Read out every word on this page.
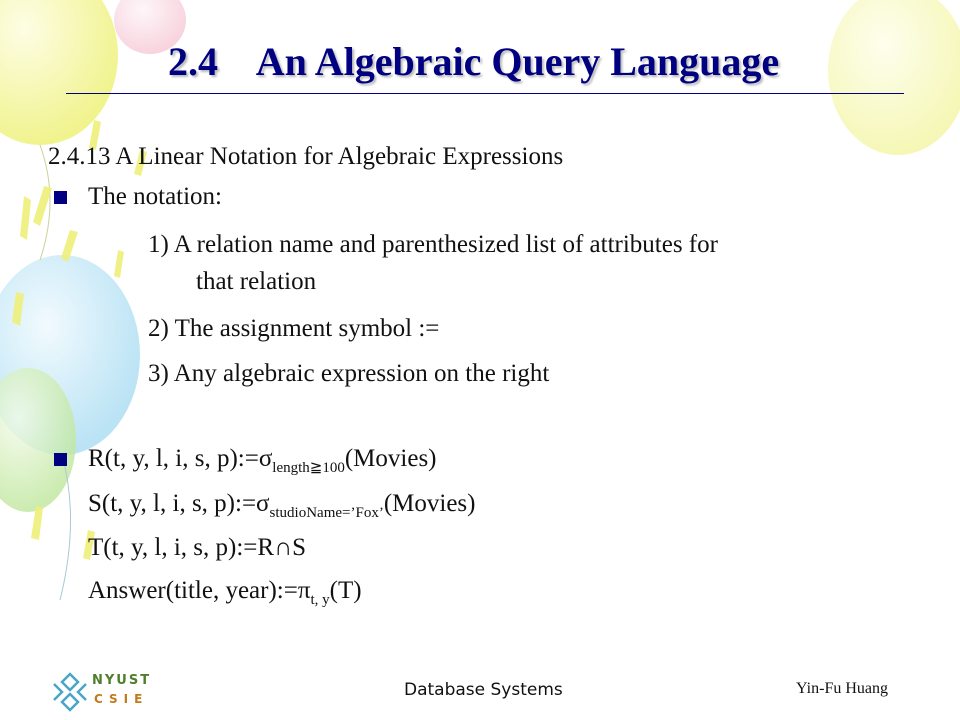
2.4    An Algebraic Query Language
2.4.13 A Linear Notation for Algebraic Expressions
The notation:
1) A relation name and parenthesized list of attributes for
that relation
2) The assignment symbol :=
3) Any algebraic expression on the right
R(t, y, l, i, s, $p):=\sigma_{length≧100}(Movies)$
S(t, y, l, i, s, $p):=\sigma_{studioName=’Fox’}(Movies)$
T(t, y, l, i, s, p):=R∩S
Answer(title, $year):=\pi_{t, y}(T)$
NYUST
CSIE	Database Systems	Yin-Fu Huang
